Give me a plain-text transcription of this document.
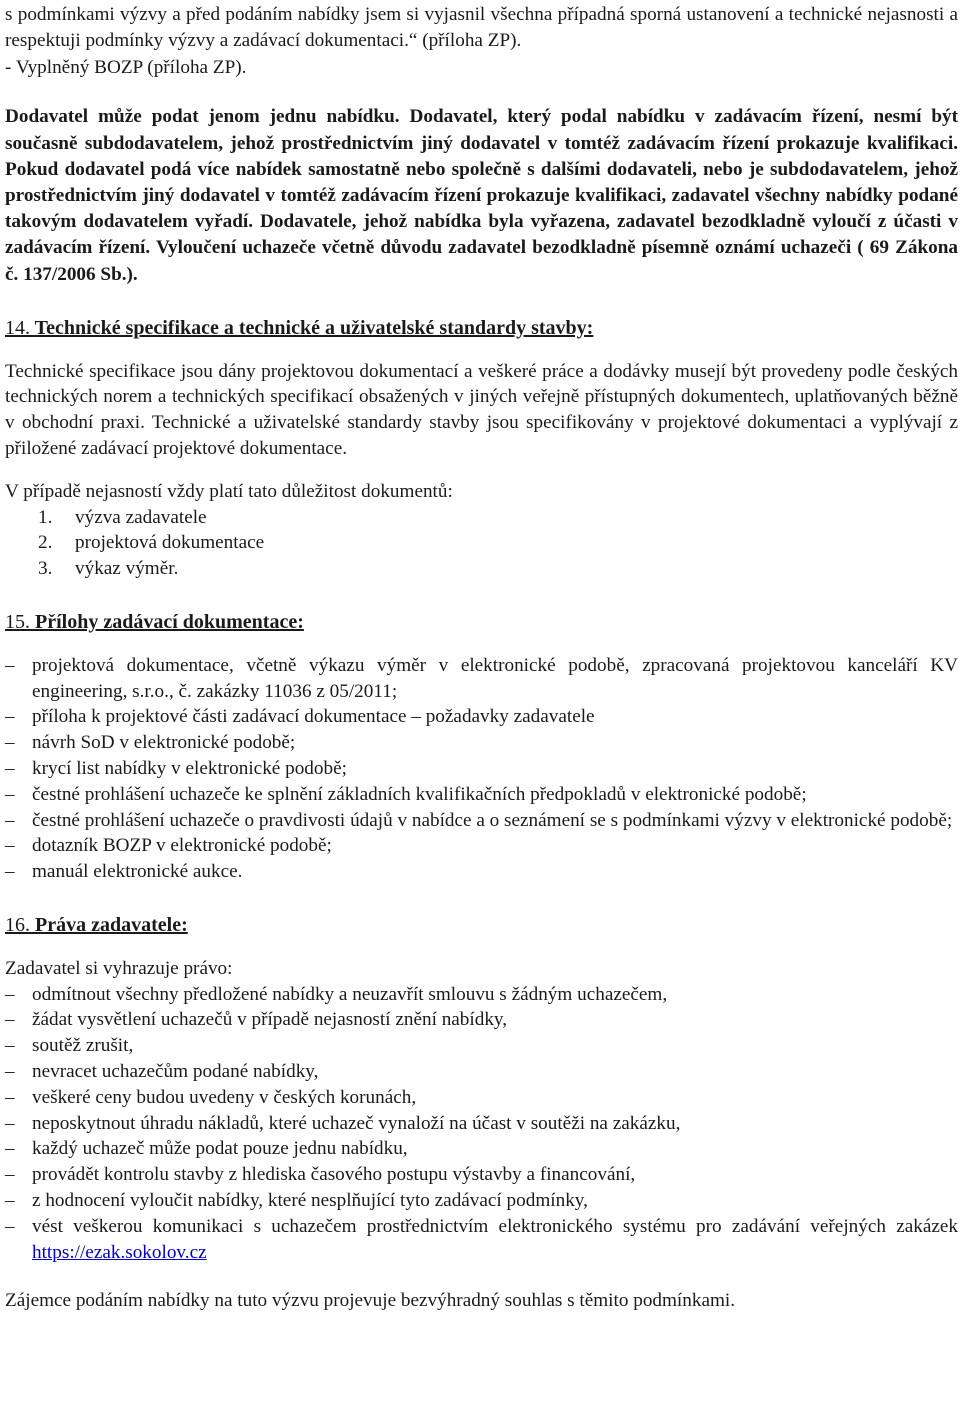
s podmínkami výzvy a před podáním nabídky jsem si vyjasnil všechna případná sporná ustanovení a technické nejasnosti a respektuji podmínky výzvy a zadávací dokumentaci.“ (příloha ZP).

- Vyplněný BOZP (příloha ZP).

Dodavatel může podat jenom jednu nabídku. Dodavatel, který podal nabídku v zadávacím řízení, nesmí být současně subdodavatelem, jehož prostřednictvím jiný dodavatel v tomtéž zadávacím řízení prokazuje kvalifikaci. Pokud dodavatel podá více nabídek samostatně nebo společně s dalšími dodavateli, nebo je subdodavatelem, jehož prostřednictvím jiný dodavatel v tomtéž zadávacím řízení prokazuje kvalifikaci, zadavatel všechny nabídky podané takovým dodavatelem vyřadí. Dodavatele, jehož nabídka byla vyřazena, zadavatel bezodkladně vyloučí z účasti v zadávacím řízení. Vyloučení uchazeče včetně důvodu zadavatel bezodkladně písemně oznámí uchazeči ( 69 Zákona č. 137/2006 Sb.).

14. Technické specifikace a technické a uživatelské standardy stavby:

Technické specifikace jsou dány projektovou dokumentací a veškeré práce a dodávky musejí být provedeny podle českých technických norem a technických specifikací obsažených v jiných veřejně přístupných dokumentech, uplatňovaných běžně v obchodní praxi. Technické a uživatelské standardy stavby jsou specifikovány v projektové dokumentaci a vyplývají z přiložené zadávací projektové dokumentace.

V případě nejasností vždy platí tato důležitost dokumentů:

1. výzva zadavatele
2. projektová dokumentace
3. výkaz výměr.

15. Přílohy zadávací dokumentace:

– projektová dokumentace, včetně výkazu výměr v elektronické podobě, zpracovaná projektovou kanceláří KV engineering, s.r.o., č. zakázky 11036 z 05/2011;
– příloha k projektové části zadávací dokumentace – požadavky zadavatele
– návrh SoD v elektronické podobě;
– krycí list nabídky v elektronické podobě;
– čestné prohlášení uchazeče ke splnění základních kvalifikačních předpokladů v elektronické podobě;
– čestné prohlášení uchazeče o pravdivosti údajů v nabídce a o seznámení se s podmínkami výzvy v elektronické podobě;
– dotazník BOZP v elektronické podobě;
– manuál elektronické aukce.

16. Práva zadavatele:

Zadavatel si vyhrazuje právo:

– odmítnout všechny předložené nabídky a neuzavřít smlouvu s žádným uchazečem,
– žádat vysvětlení uchazečů v případě nejasností znění nabídky,
– soutěž zrušit,
– nevracet uchazečům podané nabídky,
– veškeré ceny budou uvedeny v českých korunách,
– neposkytnout úhradu nákladů, které uchazeč vynaloží na účast v soutěži na zakázku,
– každý uchazeč může podat pouze jednu nabídku,
– provádět kontrolu stavby z hlediska časového postupu výstavby a financování,
– z hodnocení vyloučit nabídky, které nesplňující tyto zadávací podmínky,
– vést veškerou komunikaci s uchazečem prostřednictvím elektronického systému pro zadávání veřejných zakázek https://ezak.sokolov.cz

Zájemce podáním nabídky na tuto výzvu projevuje bezvýhradný souhlas s těmito podmínkami.
